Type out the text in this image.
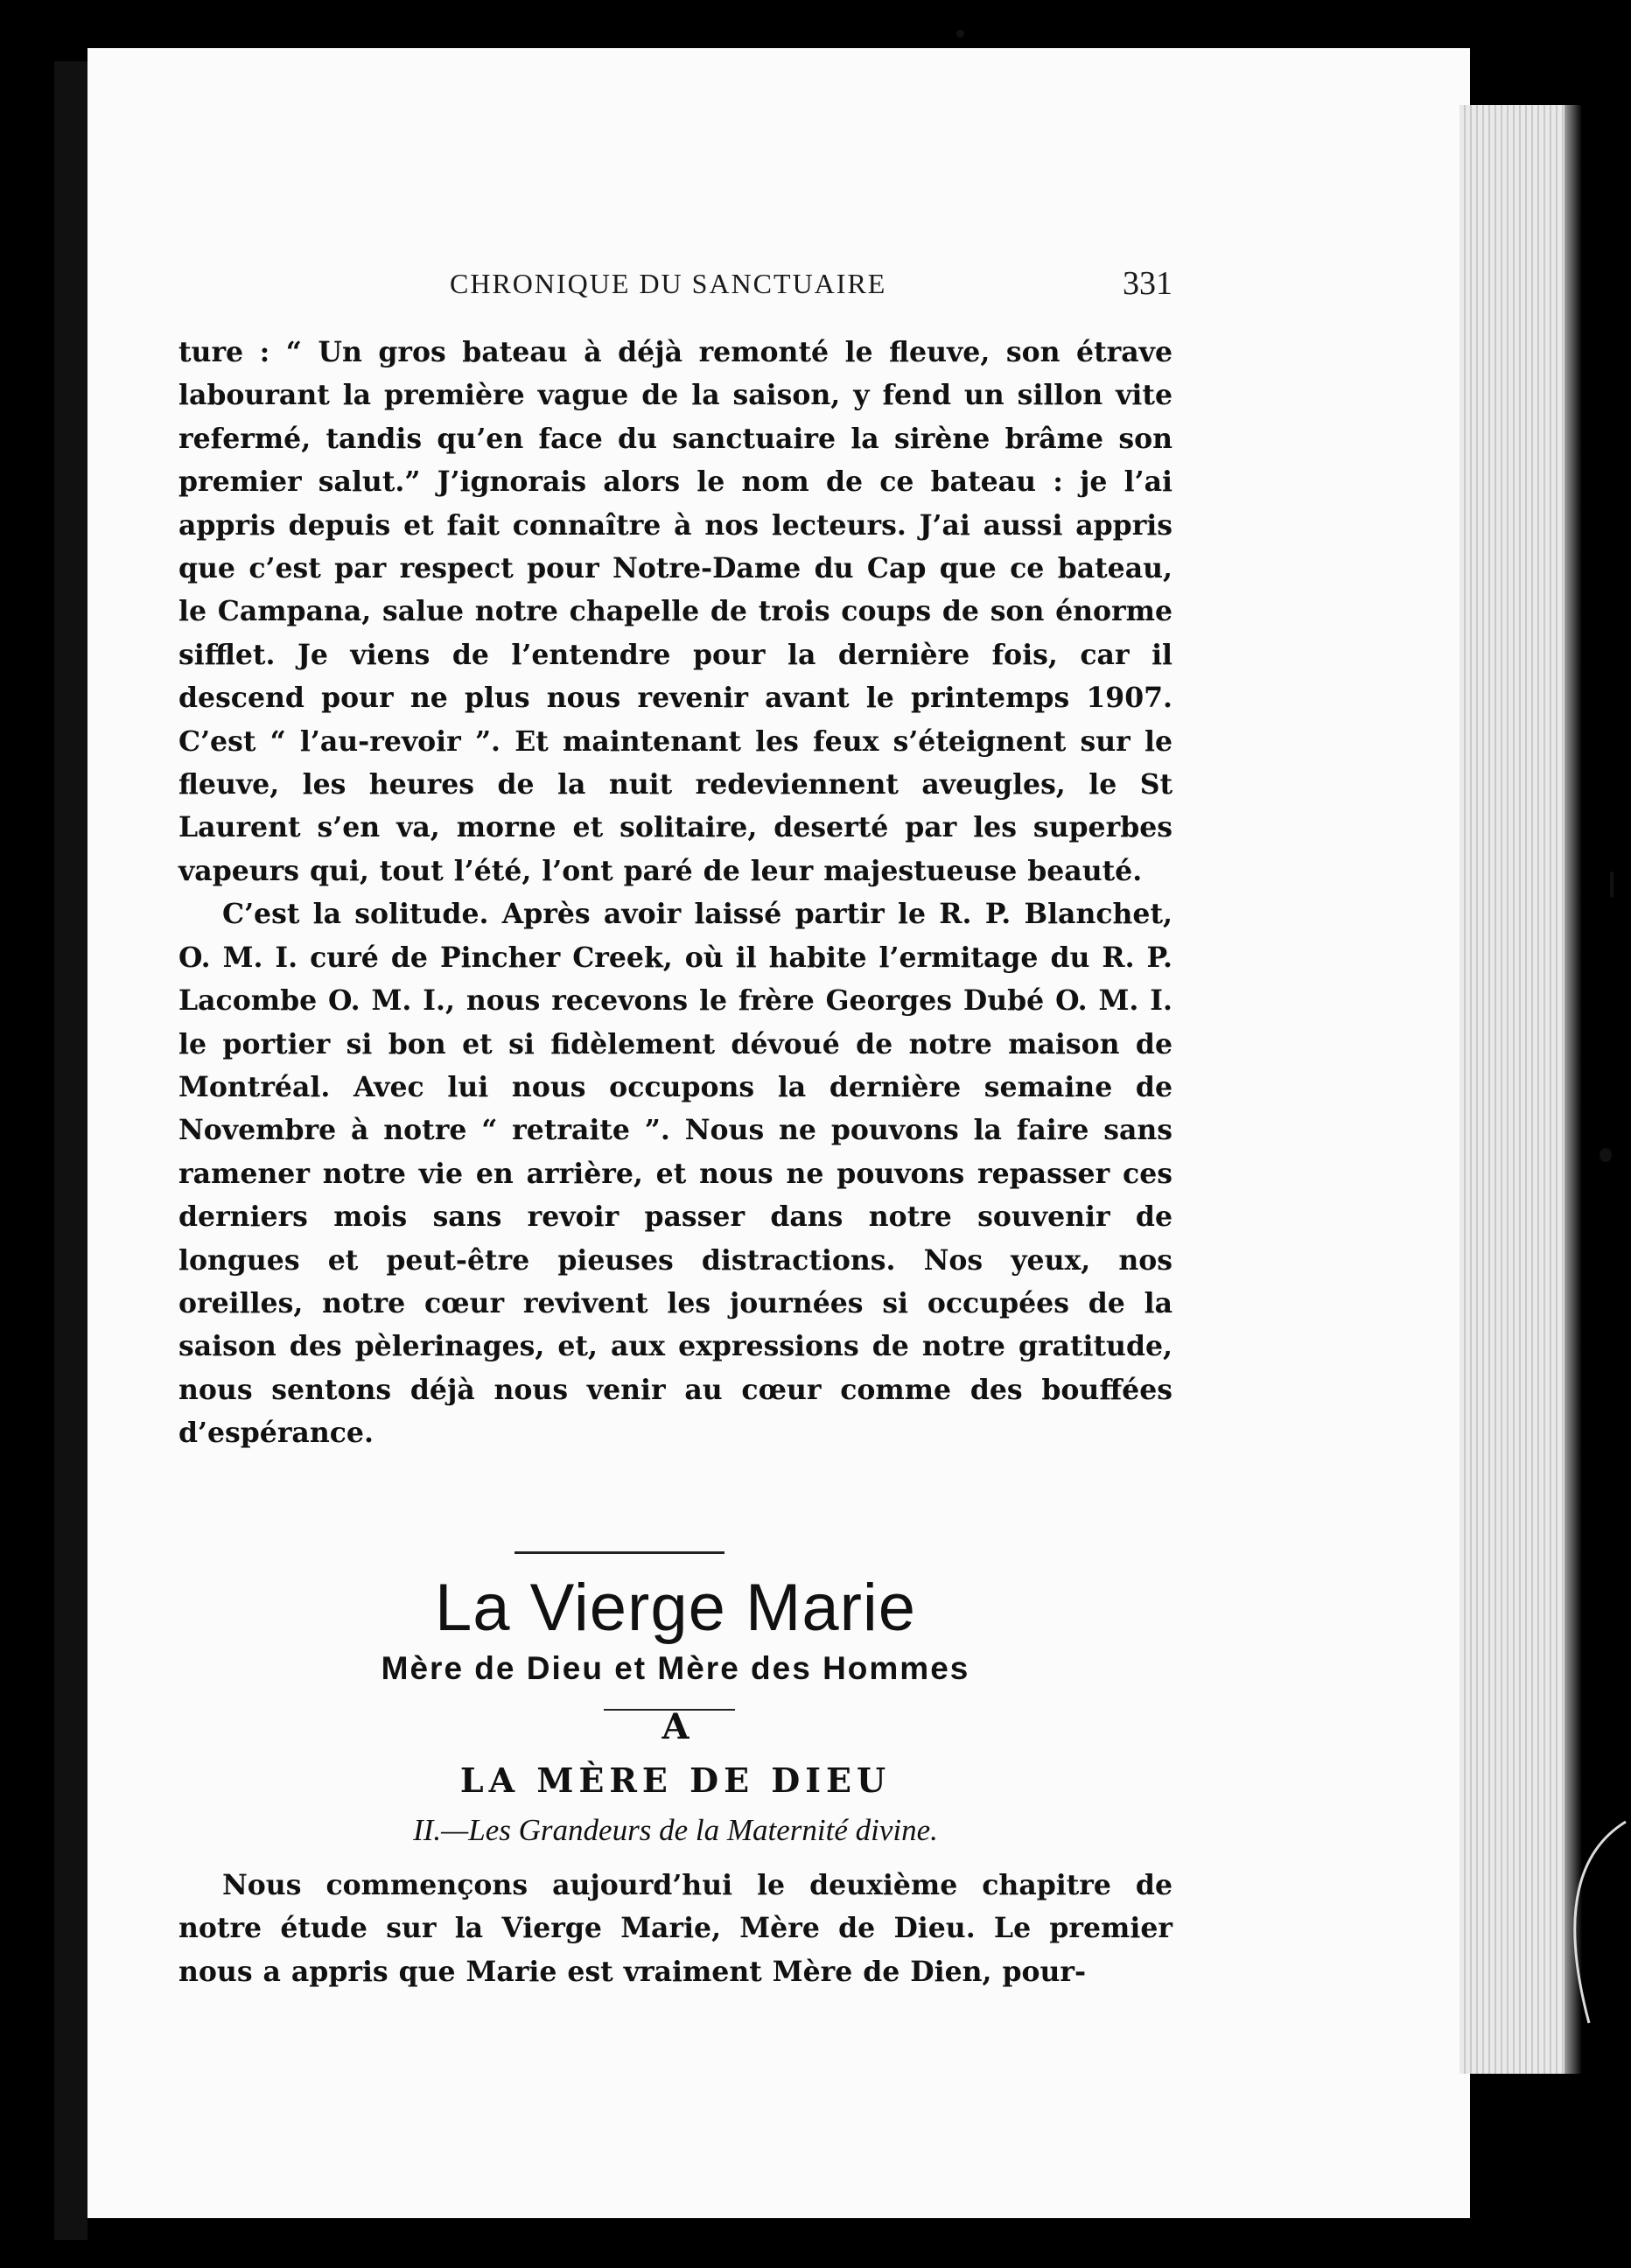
CHRONIQUE DU SANCTUAIRE	331

ture : “ Un gros bateau à déjà remonté le fleuve, son étrave labourant la première vague de la saison, y fend un sillon vite refermé, tandis qu’en face du sanctuaire la sirène brâme son premier salut.” J’ignorais alors le nom de ce bateau : je l’ai appris depuis et fait connaître à nos lecteurs. J’ai aussi appris que c’est par respect pour Notre-Dame du Cap que ce bateau, le Campana, salue notre chapelle de trois coups de son énorme sifflet. Je viens de l’entendre pour la dernière fois, car il descend pour ne plus nous revenir avant le printemps 1907. C’est “ l’au-revoir ”. Et maintenant les feux s’éteignent sur le fleuve, les heures de la nuit redeviennent aveugles, le St Laurent s’en va, morne et solitaire, deserté par les superbes vapeurs qui, tout l’été, l’ont paré de leur majestueuse beauté.

C’est la solitude. Après avoir laissé partir le R. P. Blanchet, O. M. I. curé de Pincher Creek, où il habite l’ermitage du R. P. Lacombe O. M. I., nous recevons le frère Georges Dubé O. M. I. le portier si bon et si fidèlement dévoué de notre maison de Montréal. Avec lui nous occupons la dernière semaine de Novembre à notre “ retraite ”. Nous ne pouvons la faire sans ramener notre vie en arrière, et nous ne pouvons repasser ces derniers mois sans revoir passer dans notre souvenir de longues et peut-être pieuses distractions. Nos yeux, nos oreilles, notre cœur revivent les journées si occupées de la saison des pèlerinages, et, aux expressions de notre gratitude, nous sentons déjà nous venir au cœur comme des bouffées d’espérance.

La Vierge Marie
Mère de Dieu et Mère des Hommes
A
LA MÈRE DE DIEU
II.—Les Grandeurs de la Maternité divine.

Nous commençons aujourd’hui le deuxième chapitre de notre étude sur la Vierge Marie, Mère de Dieu. Le premier nous a appris que Marie est vraiment Mère de Dien, pour-
